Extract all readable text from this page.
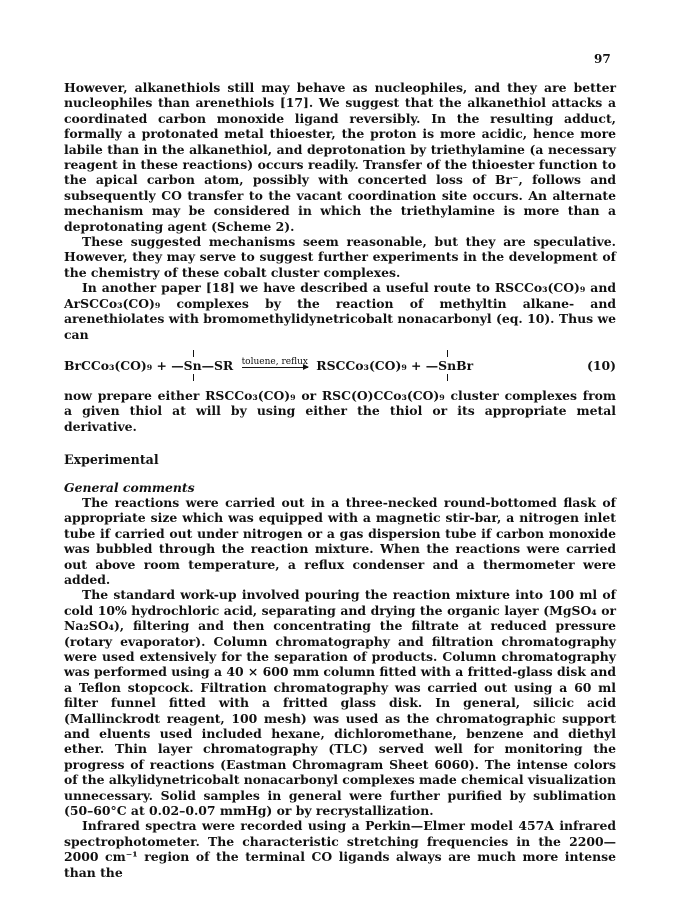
97

However, alkanethiols still may behave as nucleophiles, and they are better nucleophiles than arenethiols [17]. We suggest that the alkanethiol attacks a coordinated carbon monoxide ligand reversibly. In the resulting adduct, formally a protonated metal thioester, the proton is more acidic, hence more labile than in the alkanethiol, and deprotonation by triethylamine (a necessary reagent in these reactions) occurs readily. Transfer of the thioester function to the apical carbon atom, possibly with concerted loss of Br⁻, follows and subsequently CO transfer to the vacant coordination site occurs. An alternate mechanism may be considered in which the triethylamine is more than a deprotonating agent (Scheme 2).

These suggested mechanisms seem reasonable, but they are speculative. However, they may serve to suggest further experiments in the development of the chemistry of these cobalt cluster complexes.

In another paper [18] we have described a useful route to RSCCo₃(CO)₉ and ArSCCo₃(CO)₉ complexes by the reaction of methyltin alkane- and arenethiolates with bromomethylidynetricobalt nonacarbonyl (eq. 10). Thus we can

BrCCo₃(CO)₉ + —Sn—SR toluene, reflux RSCCo₃(CO)₉ + —SnBr	(10)

now prepare either RSCCo₃(CO)₉ or RSC(O)CCo₃(CO)₉ cluster complexes from a given thiol at will by using either the thiol or its appropriate metal derivative.

Experimental
General comments

The reactions were carried out in a three-necked round-bottomed flask of appropriate size which was equipped with a magnetic stir-bar, a nitrogen inlet tube if carried out under nitrogen or a gas dispersion tube if carbon monoxide was bubbled through the reaction mixture. When the reactions were carried out above room temperature, a reflux condenser and a thermometer were added.

The standard work-up involved pouring the reaction mixture into 100 ml of cold 10% hydrochloric acid, separating and drying the organic layer (MgSO₄ or Na₂SO₄), filtering and then concentrating the filtrate at reduced pressure (rotary evaporator). Column chromatography and filtration chromatography were used extensively for the separation of products. Column chromatography was performed using a 40 × 600 mm column fitted with a fritted-glass disk and a Teflon stopcock. Filtration chromatography was carried out using a 60 ml filter funnel fitted with a fritted glass disk. In general, silicic acid (Mallinckrodt reagent, 100 mesh) was used as the chromatographic support and eluents used included hexane, dichloromethane, benzene and diethyl ether. Thin layer chromatography (TLC) served well for monitoring the progress of reactions (Eastman Chromagram Sheet 6060). The intense colors of the alkylidynetricobalt nonacarbonyl complexes made chemical visualization unnecessary. Solid samples in general were further purified by sublimation (50–60°C at 0.02–0.07 mmHg) or by recrystallization.

Infrared spectra were recorded using a Perkin—Elmer model 457A infrared spectrophotometer. The characteristic stretching frequencies in the 2200—2000 cm⁻¹ region of the terminal CO ligands always are much more intense than the
